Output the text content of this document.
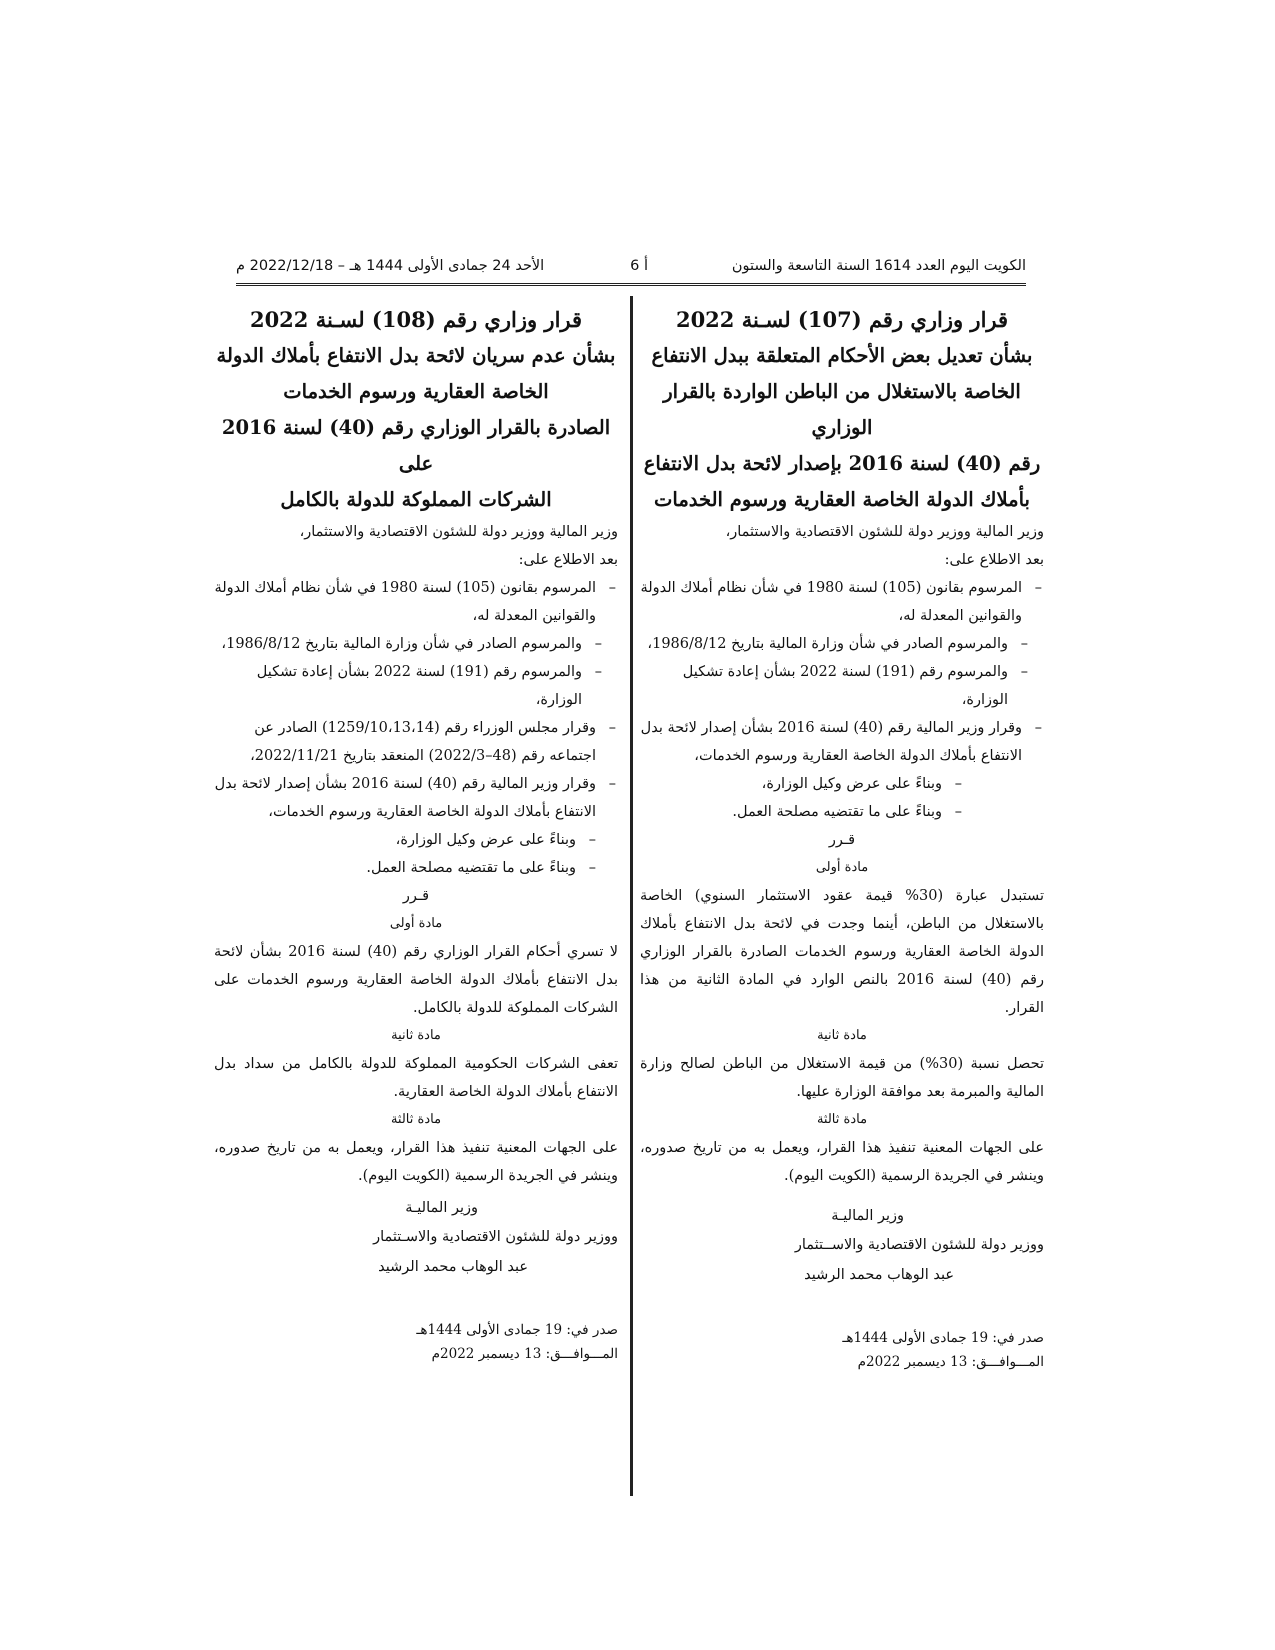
الكويت اليوم العدد 1614 السنة التاسعة والستون
أ 6
الأحد 24 جمادى الأولى 1444 هـ – 2022/12/18 م

قرار وزاري رقم (107) لسـنة 2022

بشأن تعديل بعض الأحكام المتعلقة ببدل الانتفاع

الخاصة بالاستغلال من الباطن الواردة بالقرار الوزاري

رقم (40) لسنة 2016 بإصدار لائحة بدل الانتفاع

بأملاك الدولة الخاصة العقارية ورسوم الخدمات

وزير المالية ووزير دولة للشئون الاقتصادية والاستثمار،

بعد الاطلاع على:

– المرسوم بقانون (105) لسنة 1980 في شأن نظام أملاك الدولة والقوانين المعدلة له،

– والمرسوم الصادر في شأن وزارة المالية بتاريخ 1986/8/12،

– والمرسوم رقم (191) لسنة 2022 بشأن إعادة تشكيل الوزارة،

– وقرار وزير المالية رقم (40) لسنة 2016 بشأن إصدار لائحة بدل الانتفاع بأملاك الدولة الخاصة العقارية ورسوم الخدمات،

– وبناءً على عرض وكيل الوزارة،

– وبناءً على ما تقتضيه مصلحة العمل.

قـرر

مادة أولى

تستبدل عبارة (30% قيمة عقود الاستثمار السنوي) الخاصة بالاستغلال من الباطن، أينما وجدت في لائحة بدل الانتفاع بأملاك الدولة الخاصة العقارية ورسوم الخدمات الصادرة بالقرار الوزاري رقم (40) لسنة 2016 بالنص الوارد في المادة الثانية من هذا القرار.

مادة ثانية

تحصل نسبة (30%) من قيمة الاستغلال من الباطن لصالح وزارة المالية والمبرمة بعد موافقة الوزارة عليها.

مادة ثالثة

على الجهات المعنية تنفيذ هذا القرار، ويعمل به من تاريخ صدوره، وينشر في الجريدة الرسمية (الكويت اليوم).

وزير الماليـة

ووزير دولة للشئون الاقتصادية والاســتثمار

عبد الوهاب محمد الرشيد

صدر في: 19 جمادى الأولى 1444هـ

المـــوافـــق: 13 ديسمبر 2022م

قرار وزاري رقم (108) لسـنة 2022

بشأن عدم سريان لائحة بدل الانتفاع بأملاك الدولة

الخاصة العقارية ورسوم الخدمات

الصادرة بالقرار الوزاري رقم (40) لسنة 2016 على

الشركات المملوكة للدولة بالكامل

وزير المالية ووزير دولة للشئون الاقتصادية والاستثمار،

بعد الاطلاع على:

– المرسوم بقانون (105) لسنة 1980 في شأن نظام أملاك الدولة والقوانين المعدلة له،

– والمرسوم الصادر في شأن وزارة المالية بتاريخ 1986/8/12،

– والمرسوم رقم (191) لسنة 2022 بشأن إعادة تشكيل الوزارة،

– وقرار مجلس الوزراء رقم (1259/10،13،14) الصادر عن اجتماعه رقم (48–2022/3) المنعقد بتاريخ 2022/11/21،

– وقرار وزير المالية رقم (40) لسنة 2016 بشأن إصدار لائحة بدل الانتفاع بأملاك الدولة الخاصة العقارية ورسوم الخدمات،

– وبناءً على عرض وكيل الوزارة،

– وبناءً على ما تقتضيه مصلحة العمل.

قـرر

مادة أولى

لا تسري أحكام القرار الوزاري رقم (40) لسنة 2016 بشأن لائحة بدل الانتفاع بأملاك الدولة الخاصة العقارية ورسوم الخدمات على الشركات المملوكة للدولة بالكامل.

مادة ثانية

تعفى الشركات الحكومية المملوكة للدولة بالكامل من سداد بدل الانتفاع بأملاك الدولة الخاصة العقارية.

مادة ثالثة

على الجهات المعنية تنفيذ هذا القرار، ويعمل به من تاريخ صدوره، وينشر في الجريدة الرسمية (الكويت اليوم).

وزير الماليـة

ووزير دولة للشئون الاقتصادية والاسـتثمار

عبد الوهاب محمد الرشيد

صدر في: 19 جمادى الأولى 1444هـ

المـــوافـــق: 13 ديسمبر 2022م
